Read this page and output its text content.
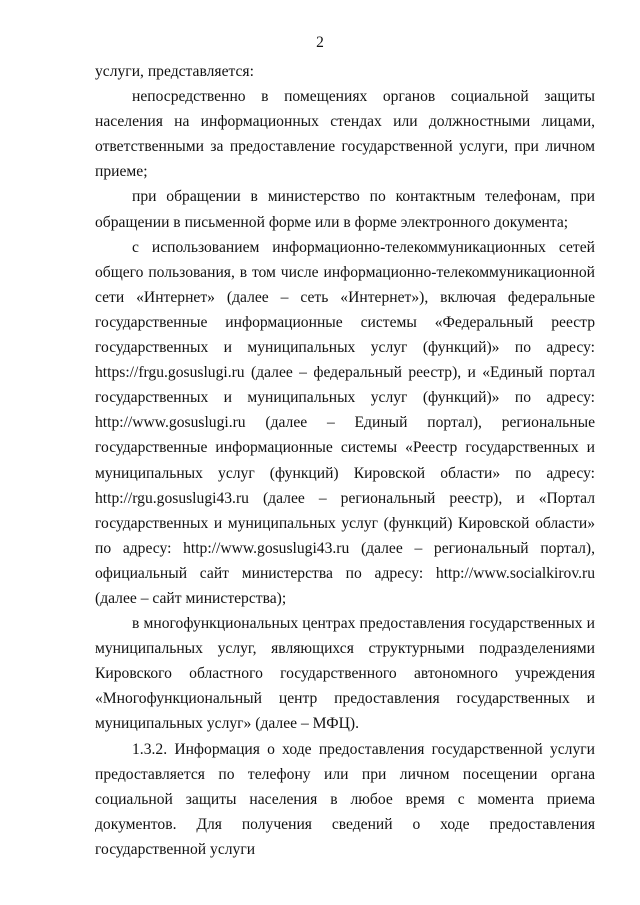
2

услуги, представляется:

непосредственно в помещениях органов социальной защиты населения на информационных стендах или должностными лицами, ответственными за предоставление государственной услуги, при личном приеме;

при обращении в министерство по контактным телефонам, при обращении в письменной форме или в форме электронного документа;

с использованием информационно-телекоммуникационных сетей общего пользования, в том числе информационно-телекоммуникационной сети «Интернет» (далее – сеть «Интернет»), включая федеральные государственные информационные системы «Федеральный реестр государственных и муниципальных услуг (функций)» по адресу: https://frgu.gosuslugi.ru (далее – федеральный реестр), и «Единый портал государственных и муниципальных услуг (функций)» по адресу: http://www.gosuslugi.ru (далее – Единый портал), региональные государственные информационные системы «Реестр государственных и муниципальных услуг (функций) Кировской области» по адресу: http://rgu.gosuslugi43.ru (далее – региональный реестр), и «Портал государственных и муниципальных услуг (функций) Кировской области» по адресу: http://www.gosuslugi43.ru (далее – региональный портал), официальный сайт министерства по адресу: http://www.socialkirov.ru (далее – сайт министерства);

в многофункциональных центрах предоставления государственных и муниципальных услуг, являющихся структурными подразделениями Кировского областного государственного автономного учреждения «Многофункциональный центр предоставления государственных и муниципальных услуг» (далее – МФЦ).

1.3.2. Информация о ходе предоставления государственной услуги предоставляется по телефону или при личном посещении органа социальной защиты населения в любое время с момента приема документов. Для получения сведений о ходе предоставления государственной услуги
